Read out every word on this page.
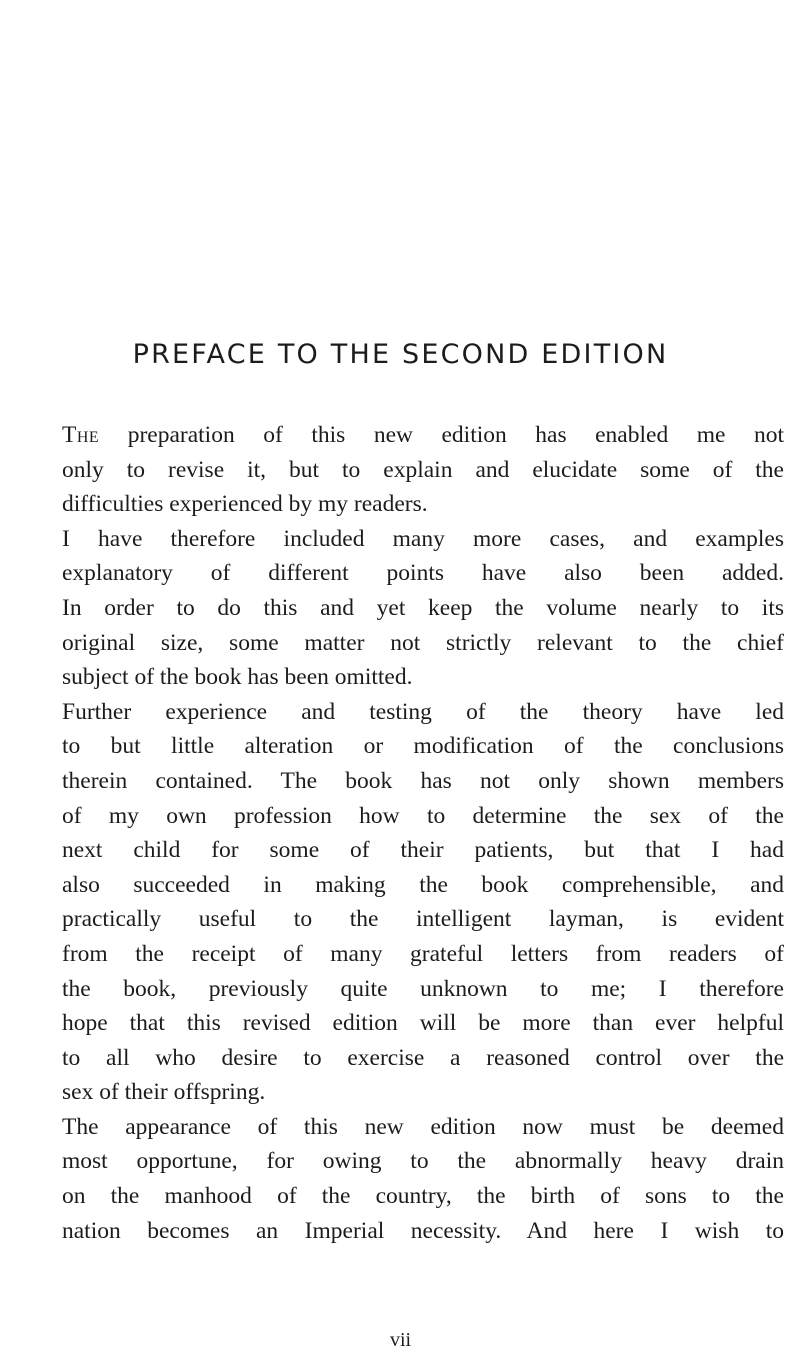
PREFACE TO THE SECOND EDITION
The preparation of this new edition has enabled me not
only to revise it, but to explain and elucidate some of the
difficulties experienced by my readers.
I have therefore included many more cases, and examples
explanatory of different points have also been added.
In order to do this and yet keep the volume nearly to its
original size, some matter not strictly relevant to the chief
subject of the book has been omitted.
Further experience and testing of the theory have led
to but little alteration or modification of the conclusions
therein contained. The book has not only shown members
of my own profession how to determine the sex of the
next child for some of their patients, but that I had
also succeeded in making the book comprehensible, and
practically useful to the intelligent layman, is evident
from the receipt of many grateful letters from readers of
the book, previously quite unknown to me; I therefore
hope that this revised edition will be more than ever helpful
to all who desire to exercise a reasoned control over the
sex of their offspring.
The appearance of this new edition now must be deemed
most opportune, for owing to the abnormally heavy drain
on the manhood of the country, the birth of sons to the
nation becomes an Imperial necessity. And here I wish to
vii
